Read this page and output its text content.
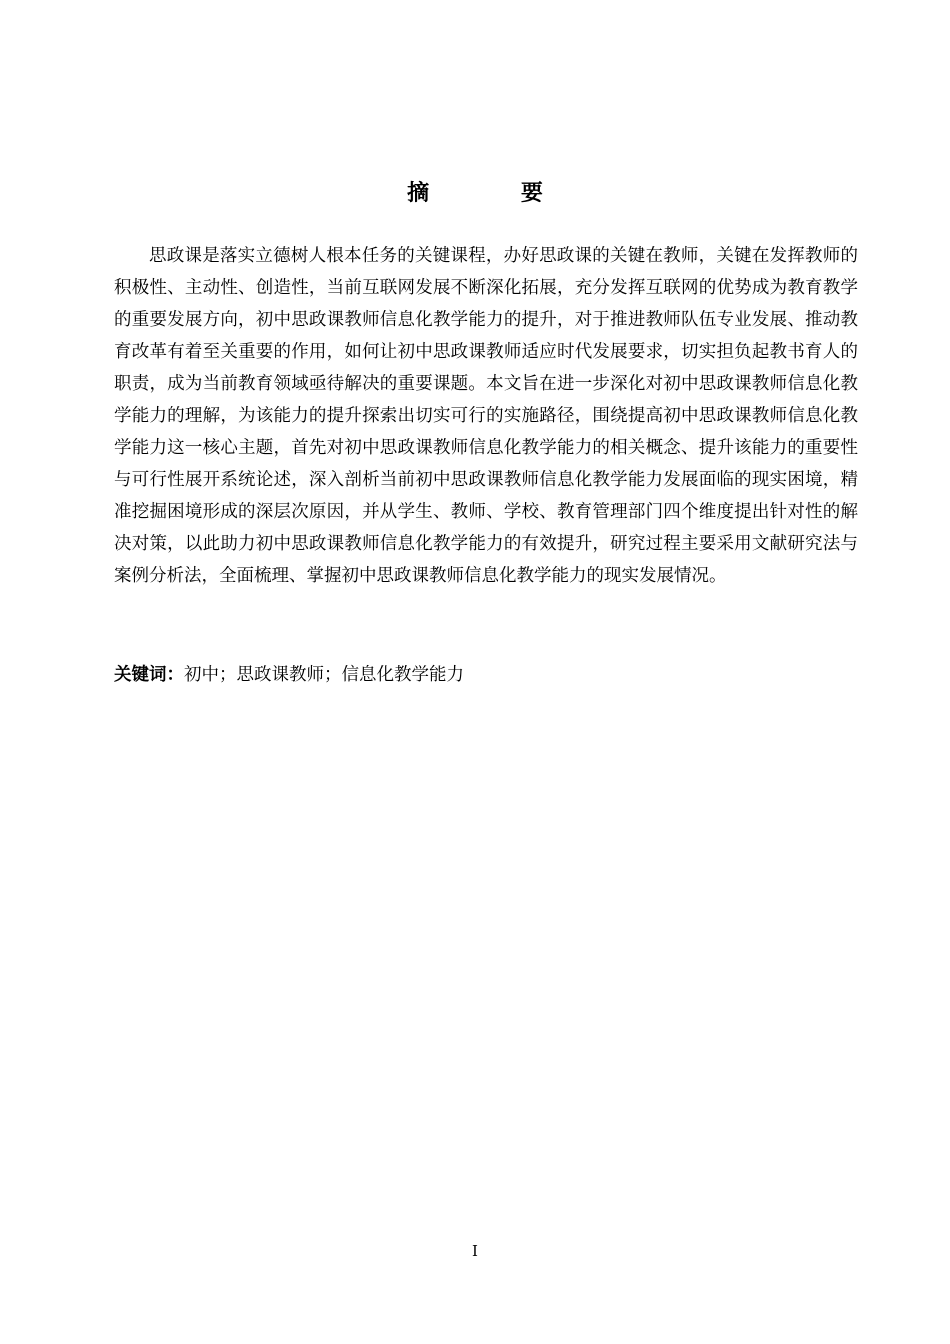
摘 要

思政课是落实立德树人根本任务的关键课程，办好思政课的关键在教师，关键在发挥教师的积极性、主动性、创造性，当前互联网发展不断深化拓展，充分发挥互联网的优势成为教育教学的重要发展方向，初中思政课教师信息化教学能力的提升，对于推进教师队伍专业发展、推动教育改革有着至关重要的作用，如何让初中思政课教师适应时代发展要求，切实担负起教书育人的职责，成为当前教育领域亟待解决的重要课题。本文旨在进一步深化对初中思政课教师信息化教学能力的理解，为该能力的提升探索出切实可行的实施路径，围绕提高初中思政课教师信息化教学能力这一核心主题，首先对初中思政课教师信息化教学能力的相关概念、提升该能力的重要性与可行性展开系统论述，深入剖析当前初中思政课教师信息化教学能力发展面临的现实困境，精准挖掘困境形成的深层次原因，并从学生、教师、学校、教育管理部门四个维度提出针对性的解决对策，以此助力初中思政课教师信息化教学能力的有效提升，研究过程主要采用文献研究法与案例分析法，全面梳理、掌握初中思政课教师信息化教学能力的现实发展情况。

关键词：初中；思政课教师；信息化教学能力

I
